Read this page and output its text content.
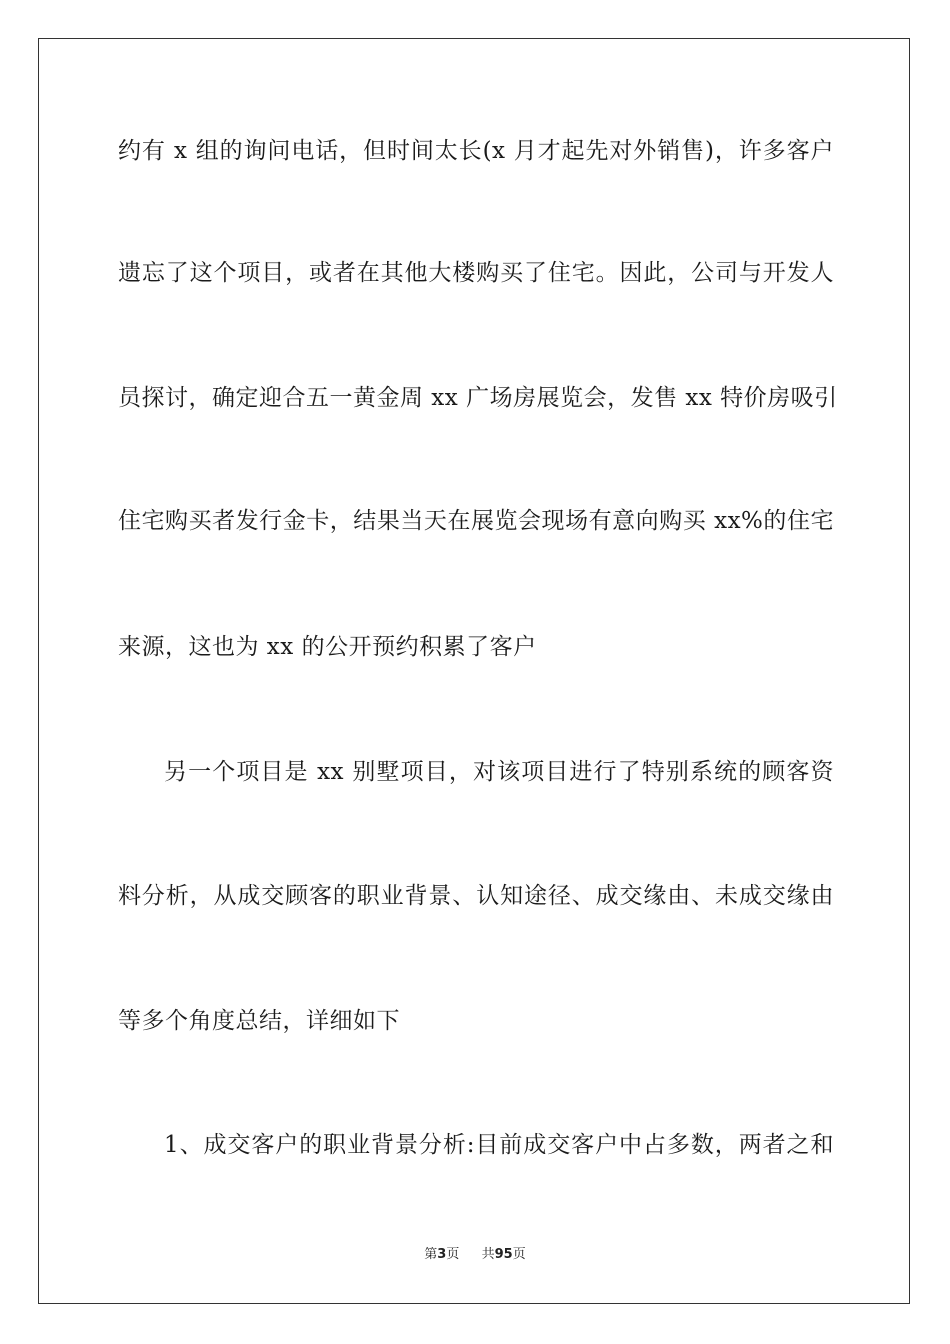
约有 x 组的询问电话，但时间太长(x 月才起先对外销售)，许多客户
遗忘了这个项目，或者在其他大楼购买了住宅。因此，公司与开发人
员探讨，确定迎合五一黄金周 xx 广场房展览会，发售 xx 特价房吸引
住宅购买者发行金卡，结果当天在展览会现场有意向购买 xx%的住宅
来源，这也为 xx 的公开预约积累了客户
另一个项目是 xx 别墅项目，对该项目进行了特别系统的顾客资
料分析，从成交顾客的职业背景、认知途径、成交缘由、未成交缘由
等多个角度总结，详细如下
1、成交客户的职业背景分析:目前成交客户中占多数，两者之和
第3页 共95页
